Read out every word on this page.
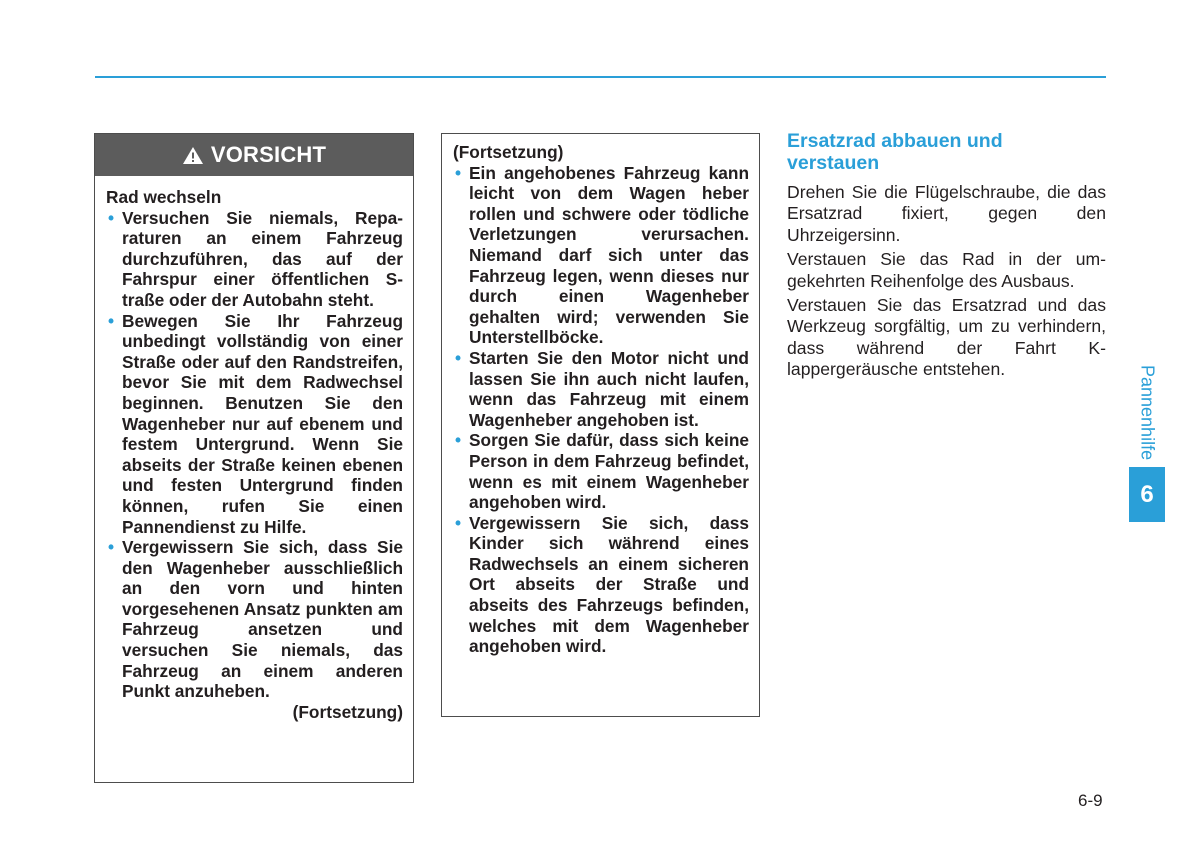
VORSICHT
Rad wechseln
• Versuchen Sie niemals, Reparaturen an einem Fahrzeug durchzuführen, das auf der Fahrspur einer öffentlichen Straße oder der Autobahn steht.
• Bewegen Sie Ihr Fahrzeug unbedingt vollständig von einer Straße oder auf den Randstreifen, bevor Sie mit dem Radwechsel beginnen. Benutzen Sie den Wagenheber nur auf ebenem und festem Untergrund. Wenn Sie abseits der Straße keinen ebenen und festen Untergrund finden können, rufen Sie einen Pannendienst zu Hilfe.
• Vergewissern Sie sich, dass Sie den Wagenheber ausschließlich an den vorn und hinten vorgesehenen Ansatz punkten am Fahrzeug ansetzen und versuchen Sie niemals, das Fahrzeug an einem anderen Punkt anzuheben.
(Fortsetzung)
(Fortsetzung)
• Ein angehobenes Fahrzeug kann leicht von dem Wagen heber rollen und schwere oder tödliche Verletzungen verursachen. Niemand darf sich unter das Fahrzeug legen, wenn dieses nur durch einen Wagenheber gehalten wird; verwenden Sie Unterstellböcke.
• Starten Sie den Motor nicht und lassen Sie ihn auch nicht laufen, wenn das Fahrzeug mit einem Wagenheber angehoben ist.
• Sorgen Sie dafür, dass sich keine Person in dem Fahrzeug befindet, wenn es mit einem Wagenheber angehoben wird.
• Vergewissern Sie sich, dass Kinder sich während eines Radwechsels an einem sicheren Ort abseits der Straße und abseits des Fahrzeugs befinden, welches mit dem Wagenheber angehoben wird.
Ersatzrad abbauen und verstauen

Drehen Sie die Flügelschraube, die das Ersatzrad fixiert, gegen den Uhrzeigersinn.

Verstauen Sie das Rad in der umgekehrten Reihenfolge des Ausbaus.

Verstauen Sie das Ersatzrad und das Werkzeug sorgfältig, um zu verhindern, dass während der Fahrt Klappergeräusche entstehen.	Pannenhilfe
6
6-9
